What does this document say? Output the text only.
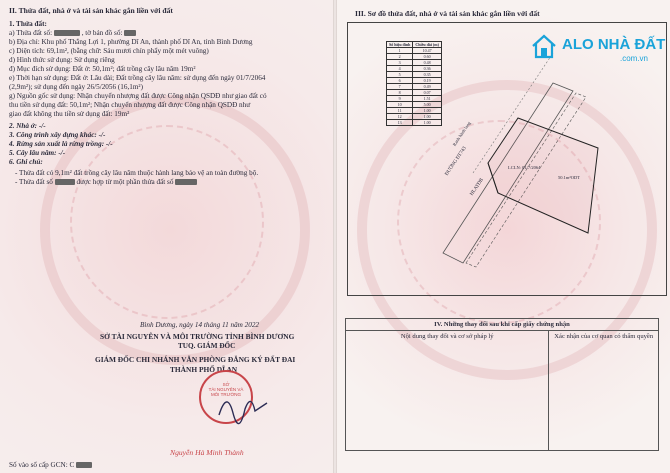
II. Thửa đất, nhà ở và tài sản khác gắn liền với đất
1. Thửa đất:
a) Thửa đất số:	, tờ bản đồ số:
b) Địa chỉ: Khu phố Thắng Lợi 1, phường Dĩ An, thành phố Dĩ An, tỉnh Bình Dương
c) Diện tích: 69,1m², (bằng chữ: Sáu mươi chín phẩy một mét vuông)
d) Hình thức sử dụng: Sử dụng riêng
đ) Mục đích sử dụng: Đất ở: 50,1m²; đất trồng cây lâu năm 19m²
e) Thời hạn sử dụng: Đất ở: Lâu dài; Đất trồng cây lâu năm: sử dụng đến ngày 01/7/2064
(2,9m²); sử dụng đến ngày 26/5/2056 (16,1m²)
g) Nguồn gốc sử dụng: Nhận chuyển nhượng đất được Công nhận QSDĐ như giao đất có
thu tiền sử dụng đất: 50,1m²; Nhận chuyển nhượng đất được Công nhận QSDĐ như
giao đất không thu tiền sử dụng đất: 19m²
2. Nhà ở: -/-
3. Công trình xây dựng khác: -/-
4. Rừng sản xuất là rừng trồng: -/-
5. Cây lâu năm: -/-
6. Ghi chú:
- Thửa đất có 9,1m² đất trồng cây lâu năm thuộc hành lang bảo vệ an toàn đường bộ.
- Thửa đất số	được hợp từ một phần thửa đất số
Bình Dương, ngày 14 tháng 11 năm 2022
SỞ TÀI NGUYÊN VÀ MÔI TRƯỜNG TỈNH BÌNH DƯƠNG
TUQ. GIÁM ĐỐC
GIÁM ĐỐC CHI NHÁNH VĂN PHÒNG ĐĂNG KÝ ĐẤT ĐAI
THÀNH PHỐ DĨ AN
SỞ
TÀI NGUYÊN VÀ
MÔI TRƯỜNG
Nguyễn Hà Minh Thành
Số vào sổ cấp GCN: C
III. Sơ đồ thửa đất, nhà ở và tài sản khác gắn liền với đất
Số hiệu đỉnh	Chiều dài (m)
1	10.47
2	0.60
3	0.48
4	0.36
5	0.35
6	0.19
7	0.49
8	0.07
9	1.51
10	5.00
11	1.00
12	1.00
13	1.00
ĐƯỜNG ĐT743
HLATĐB
Ranh hành lang
LCLN: 01/7/2064
50.1m²ODT
IV. Những thay đổi sau khi cấp giấy chứng nhận
Nội dung thay đổi và cơ sở pháp lý	Xác nhận của cơ quan có thẩm quyền
ALO NHÀ ĐẤT
.com.vn
